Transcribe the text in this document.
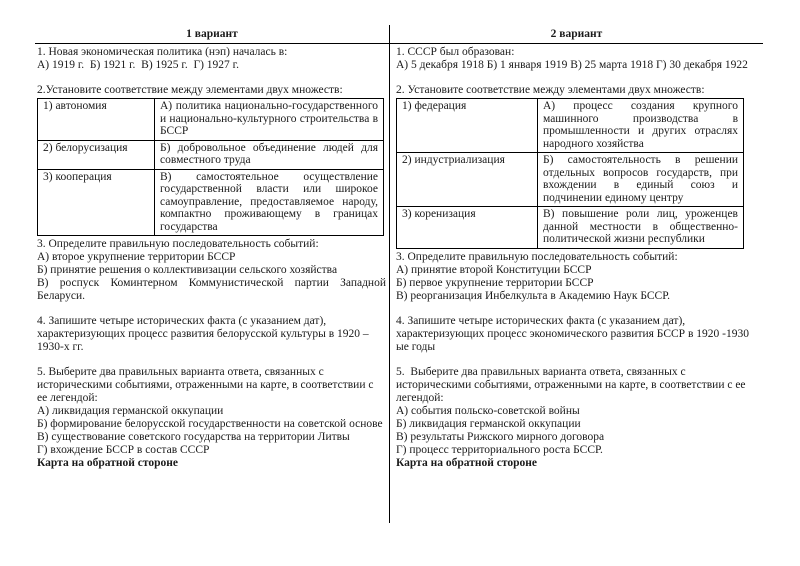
1 вариант

1. Новая экономическая политика (нэп) началась в:

А) 1919 г.  Б) 1921 г.  В) 1925 г.  Г) 1927 г.

2.Установите соответствие между элементами двух множеств:

1) автономия	А) политика национально-государственного и национально-культурного строительства в БССР
2) белорусизация	Б) добровольное объединение людей для совместного труда
3) кооперация	В) самостоятельное осуществление государственной власти или широкое самоуправление, предоставляемое народу, компактно проживающему в границах государства

3. Определите правильную последовательность событий:

А) второе укрупнение территории БССР

Б) принятие решения о коллективизации сельского хозяйства

В) роспуск Коминтерном Коммунистической партии Западной Беларуси.

4. Запишите четыре исторических факта (с указанием дат), характеризующих процесс развития белорусской культуры в 1920 – 1930-х гг.

5. Выберите два правильных варианта ответа, связанных с историческими событиями, отраженными на карте, в соответствии с ее легендой:

А) ликвидация германской оккупации

Б) формирование белорусской государственности на советской основе

В) существование советского государства на территории Литвы

Г) вхождение БССР в состав СССР

Карта на обратной стороне

2 вариант

1. СССР был образован:

А) 5 декабря 1918 Б) 1 января 1919 В) 25 марта 1918 Г) 30 декабря 1922

2. Установите соответствие между элементами двух множеств:

1) федерация	А) процесс создания крупного машинного производства в промышленности и других отраслях народного хозяйства
2) индустриализация	Б) самостоятельность в решении отдельных вопросов государств, при вхождении в единый союз и подчинении единому центру
3) коренизация	В) повышение роли лиц, уроженцев данной местности в общественно-политической жизни республики

3. Определите правильную последовательность событий:

А) принятие второй Конституции БССР

Б) первое укрупнение территории БССР

В) реорганизация Инбелкульта в Академию Наук БССР.

4. Запишите четыре исторических факта (с указанием дат), характеризующих процесс экономического развития БССР в 1920 -1930 ые годы

5.  Выберите два правильных варианта ответа, связанных с историческими событиями, отраженными на карте, в соответствии с ее легендой:

А) события польско-советской войны

Б) ликвидация германской оккупации

В) результаты Рижского мирного договора

Г) процесс территориального роста БССР.

Карта на обратной стороне
